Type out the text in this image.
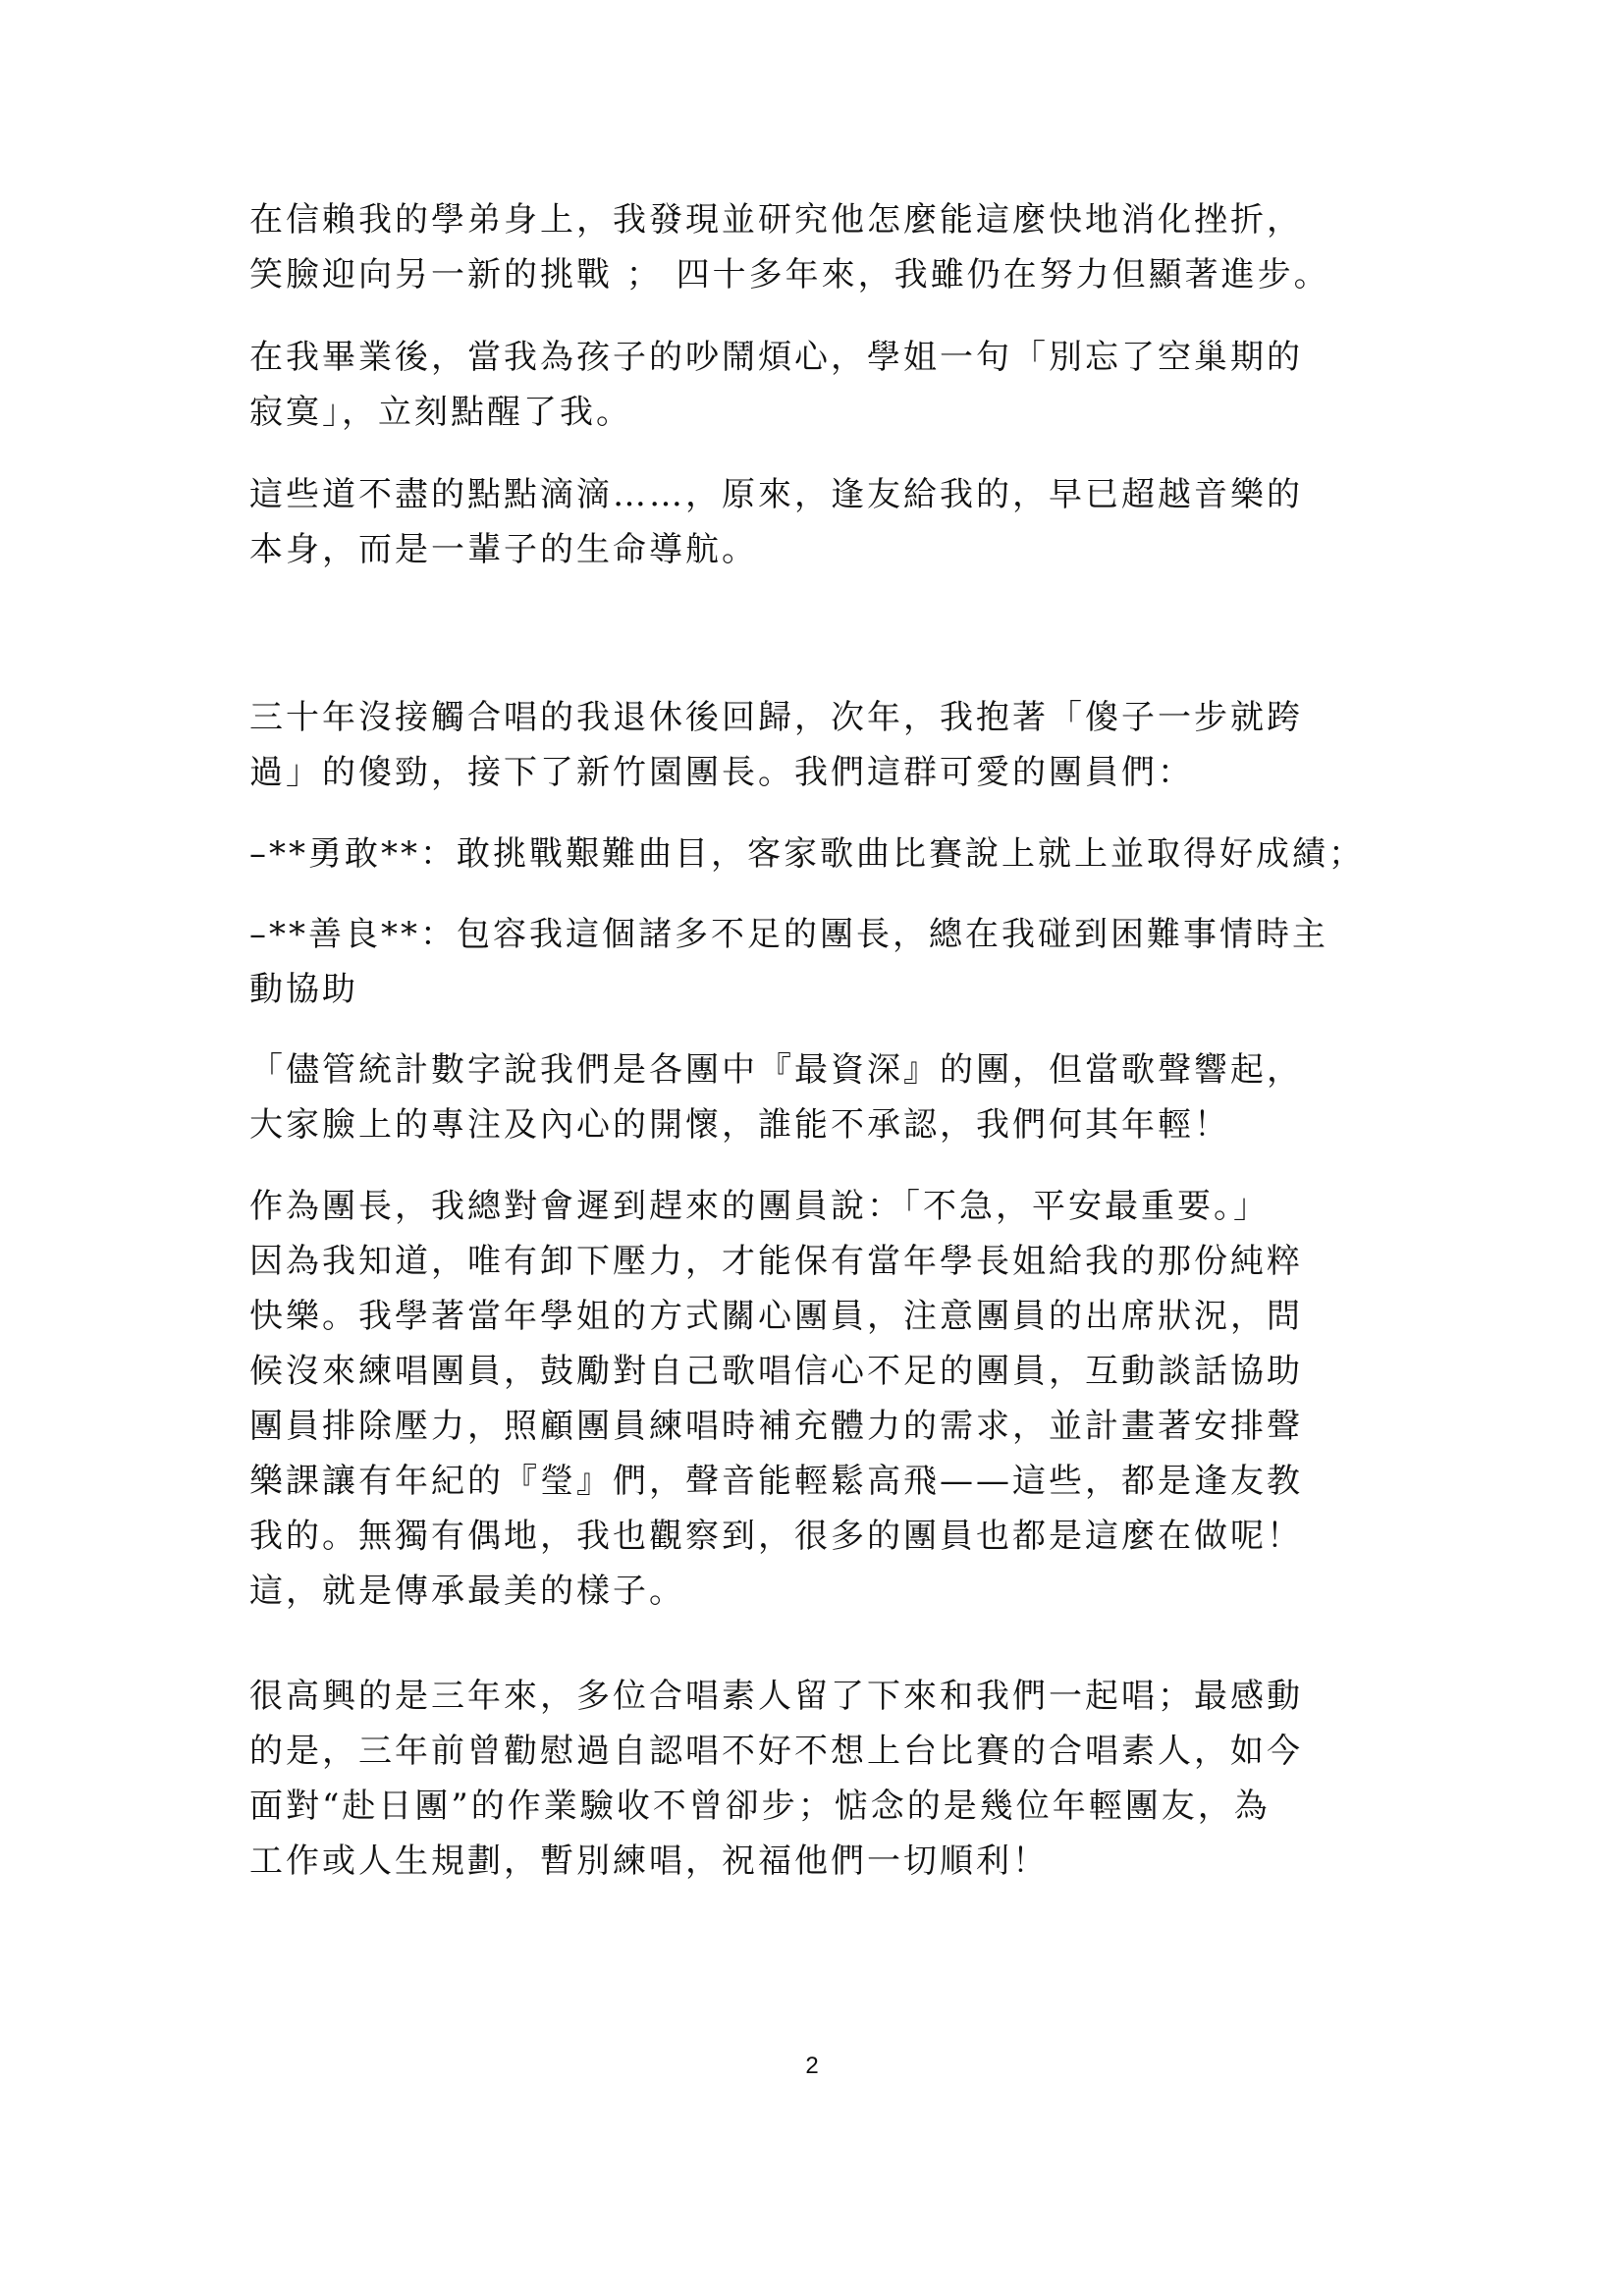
在信賴我的學弟身上，我發現並研究他怎麼能這麼快地消化挫折，
笑臉迎向另一新的挑戰 ； 四十多年來，我雖仍在努力但顯著進步。
在我畢業後，當我為孩子的吵鬧煩心，學姐一句「別忘了空巢期的
寂寞」，立刻點醒了我。
這些道不盡的點點滴滴……，原來，逢友給我的，早已超越音樂的
本身，而是一輩子的生命導航。
三十年沒接觸合唱的我退休後回歸，次年，我抱著「傻子一步就跨
過」的傻勁，接下了新竹園團長。我們這群可愛的團員們：
–**勇敢**：敢挑戰艱難曲目，客家歌曲比賽說上就上並取得好成績；
–**善良**：包容我這個諸多不足的團長，總在我碰到困難事情時主
動協助
「儘管統計數字說我們是各團中『最資深』的團，但當歌聲響起，
大家臉上的專注及內心的開懷，誰能不承認，我們何其年輕！
作為團長，我總對會遲到趕來的團員說：「不急，平安最重要。」
因為我知道，唯有卸下壓力，才能保有當年學長姐給我的那份純粹
快樂。我學著當年學姐的方式關心團員，注意團員的出席狀況，問
候沒來練唱團員，鼓勵對自己歌唱信心不足的團員，互動談話協助
團員排除壓力，照顧團員練唱時補充體力的需求，並計畫著安排聲
樂課讓有年紀的『瑩』們，聲音能輕鬆高飛——這些，都是逢友教
我的。無獨有偶地，我也觀察到，很多的團員也都是這麼在做呢！
這，就是傳承最美的樣子。
很高興的是三年來，多位合唱素人留了下來和我們一起唱；最感動
的是，三年前曾勸慰過自認唱不好不想上台比賽的合唱素人，如今
面對“赴日團”的作業驗收不曾卻步；惦念的是幾位年輕團友，為
工作或人生規劃，暫別練唱，祝福他們一切順利！
2
